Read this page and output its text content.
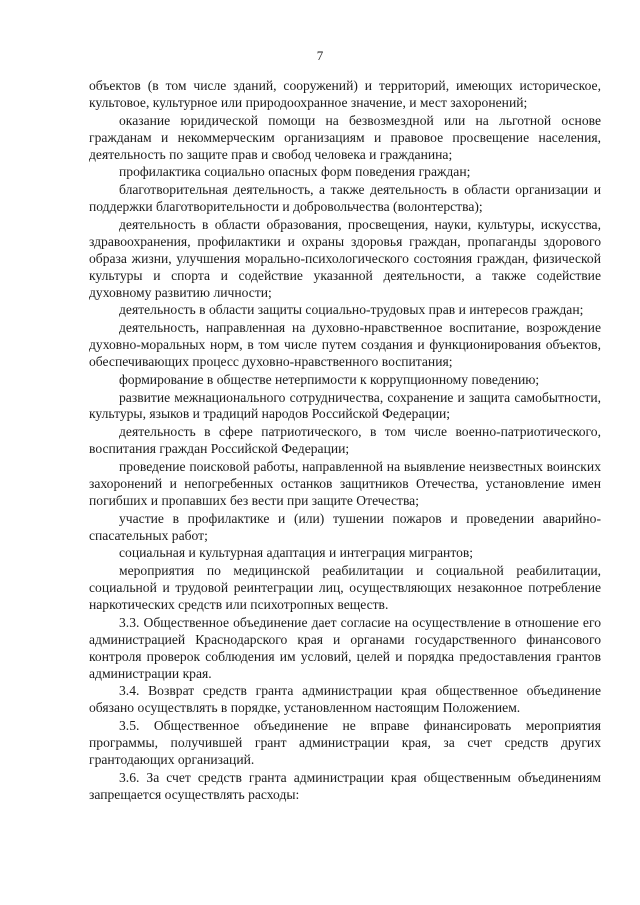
7

объектов (в том числе зданий, сооружений) и территорий, имеющих историческое, культовое, культурное или природоохранное значение, и мест захоронений;

оказание юридической помощи на безвозмездной или на льготной основе гражданам и некоммерческим организациям и правовое просвещение населения, деятельность по защите прав и свобод человека и гражданина;

профилактика социально опасных форм поведения граждан;

благотворительная деятельность, а также деятельность в области организации и поддержки благотворительности и добровольчества (волонтерства);

деятельность в области образования, просвещения, науки, культуры, искусства, здравоохранения, профилактики и охраны здоровья граждан, пропаганды здорового образа жизни, улучшения морально-психологического состояния граждан, физической культуры и спорта и содействие указанной деятельности, а также содействие духовному развитию личности;

деятельность в области защиты социально-трудовых прав и интересов граждан;

деятельность, направленная на духовно-нравственное воспитание, возрождение духовно-моральных норм, в том числе путем создания и функционирования объектов, обеспечивающих процесс духовно-нравственного воспитания;

формирование в обществе нетерпимости к коррупционному поведению;

развитие межнационального сотрудничества, сохранение и защита самобытности, культуры, языков и традиций народов Российской Федерации;

деятельность в сфере патриотического, в том числе военно-патриотического, воспитания граждан Российской Федерации;

проведение поисковой работы, направленной на выявление неизвестных воинских захоронений и непогребенных останков защитников Отечества, установление имен погибших и пропавших без вести при защите Отечества;

участие в профилактике и (или) тушении пожаров и проведении аварийно-спасательных работ;

социальная и культурная адаптация и интеграция мигрантов;

мероприятия по медицинской реабилитации и социальной реабилитации, социальной и трудовой реинтеграции лиц, осуществляющих незаконное потребление наркотических средств или психотропных веществ.

3.3. Общественное объединение дает согласие на осуществление в отношение его администрацией Краснодарского края и органами государственного финансового контроля проверок соблюдения им условий, целей и порядка предоставления грантов администрации края.

3.4. Возврат средств гранта администрации края общественное объединение обязано осуществлять в порядке, установленном настоящим Положением.

3.5. Общественное объединение не вправе финансировать мероприятия программы, получившей грант администрации края, за счет средств других грантодающих организаций.

3.6. За счет средств гранта администрации края общественным объединениям запрещается осуществлять расходы:
